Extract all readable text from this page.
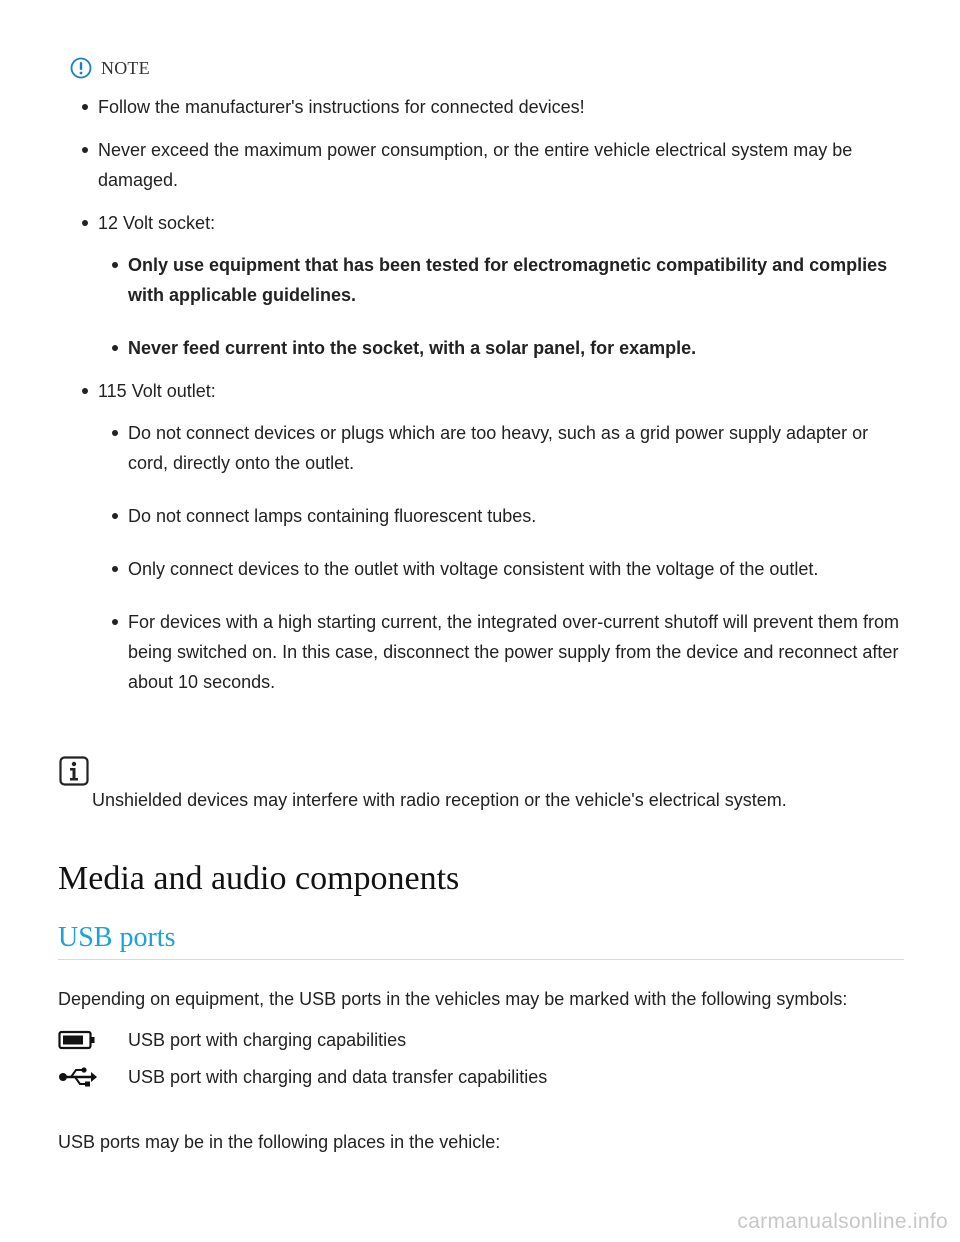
NOTE
Follow the manufacturer's instructions for connected devices!
Never exceed the maximum power consumption, or the entire vehicle electrical system may be damaged.
12 Volt socket:
Only use equipment that has been tested for electromagnetic compatibility and complies with applicable guidelines.
Never feed current into the socket, with a solar panel, for example.
115 Volt outlet:
Do not connect devices or plugs which are too heavy, such as a grid power supply adapter or cord, directly onto the outlet.
Do not connect lamps containing fluorescent tubes.
Only connect devices to the outlet with voltage consistent with the voltage of the outlet.
For devices with a high starting current, the integrated over-current shutoff will prevent them from being switched on. In this case, disconnect the power supply from the device and reconnect after about 10 seconds.
Unshielded devices may interfere with radio reception or the vehicle's electrical system.
Media and audio components
USB ports
Depending on equipment, the USB ports in the vehicles may be marked with the following symbols:
USB port with charging capabilities
USB port with charging and data transfer capabilities
USB ports may be in the following places in the vehicle:
carmanualsonline.info
